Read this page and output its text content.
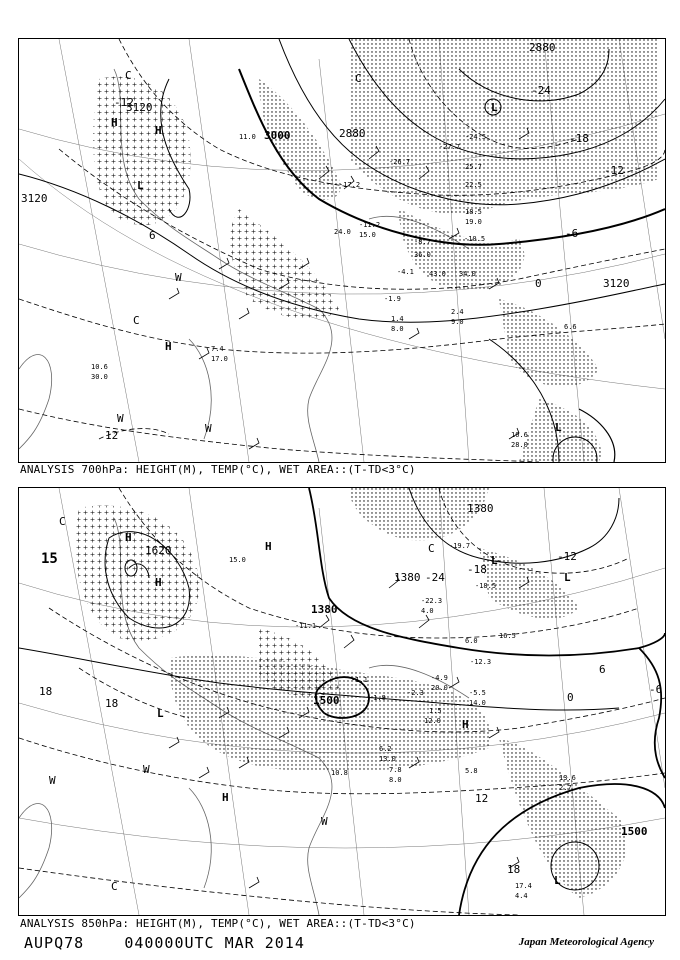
2880
3000
3120
3120
3120
2880
-12
-24
-18
-12
-6
0
12
6
H
H
L
L
H
L
C	C
C
W
W
W
-24.5
-27.7
-26.7
-17.2
-11.2
-8.7	-10.5
-4.1
-1.9
1.4
2.4
7.4
10.6
10.6
6.6
25.7
22.5
18.5
43.0 34.0
36.0
24.0
8.0
9.0
17.0
30.0
28.0
19.0
15.0
11.0
ANALYSIS 700hPa: HEIGHT(M), TEMP(°C), WET AREA::(T-TD<3°C)
1380
1380
1380
1500
1500
1620
-24
-18
-12
-6
0
6
12
18
18
18
15
H
H
H
H
L
L
L
L
H
C
C
C
W
W
W
-19.7
-22.3
-18.5
-12.3
-11.1
-4.9
-5.5
-2.3
-1.9
-1.1
1.5
6.2
7.8
10.8
13.6
17.4
15.0
6.0
5.8
16.5
12.0
20.0
14.0
4.0
4.4
2.7
8.0
13.0
ANALYSIS 850hPa: HEIGHT(M), TEMP(°C), WET AREA::(T-TD<3°C)
AUPQ78	040000UTC MAR 2014	Japan Meteorological Agency
